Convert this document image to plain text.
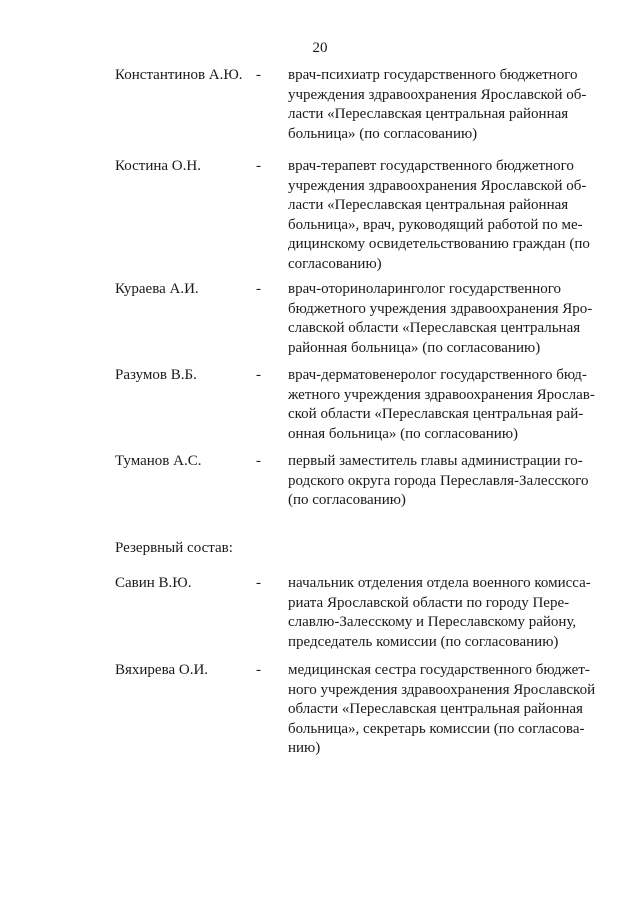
20
Константинов А.Ю. - врач-психиатр государственного бюджетного
учреждения здравоохранения Ярославской об-
ласти «Переславская центральная районная
больница» (по согласованию)
Костина О.Н.	- врач-терапевт государственного бюджетного
учреждения здравоохранения Ярославской об-
ласти «Переславская центральная районная
больница», врач, руководящий работой по ме-
дицинскому освидетельствованию граждан (по
согласованию)
Кураева А.И.	- врач-оториноларинголог государственного
бюджетного учреждения здравоохранения Яро-
славской области «Переславская центральная
районная больница» (по согласованию)
Разумов В.Б.	- врач-дерматовенеролог государственного бюд-
жетного учреждения здравоохранения Ярослав-
ской области «Переславская центральная рай-
онная больница» (по согласованию)
Туманов А.С.	- первый заместитель главы администрации го-
родского округа города Переславля-Залесского
(по согласованию)
Резервный состав:
Савин В.Ю.	- начальник отделения отдела военного комисса-
риата Ярославской области по городу Пере-
славлю-Залесскому и Переславскому району,
председатель комиссии (по согласованию)
Вяхирева О.И.	- медицинская сестра государственного бюджет-
ного учреждения здравоохранения Ярославской
области «Переславская центральная районная
больница», секретарь комиссии (по согласова-
нию)
